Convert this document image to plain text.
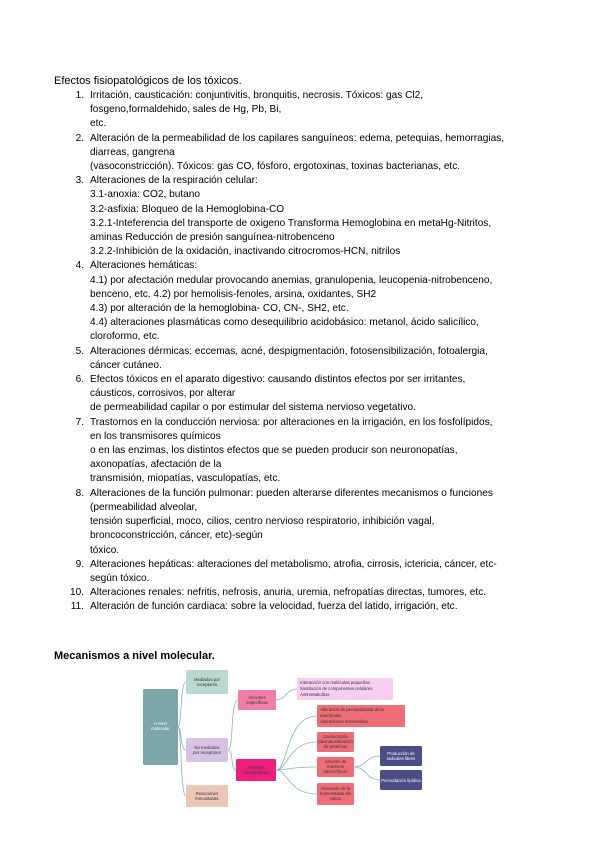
Efectos fisiopatológicos de los tóxicos.
1. Irritación, causticación: conjuntivitis, bronquitis, necrosis. Tóxicos: gas Cl2,
fosgeno,formaldehido, sales de Hg, Pb, Bi,
etc.
2. Alteración de la permeabilidad de los capilares sanguíneos: edema, petequias, hemorragias,
diarreas, gangrena
(vasoconstricción). Tóxicos: gas CO, fósforo, ergotoxinas, toxinas bacterianas, etc.
3. Alteraciones de la respiración celular:
3.1-anoxia: CO2, butano
3.2-asfixia: Bloqueo de la Hemoglobina-CO
3.2.1-Inteferencia del transporte de oxigeno Transforma Hemoglobina en metaHg-Nitritos,
aminas Reducción de presión sanguínea-nitrobenceno
3.2.2-Inhibición de la oxidación, inactivando citrocromos-HCN, nitrilos
4. Alteraciones hemáticas:
4.1) por afectación medular provocando anemias, granulopenia, leucopenia-nitrobenceno,
benceno, etc. 4.2) por hemolisis-fenoles, arsina, oxidantes, SH2
4.3) por alteración de la hemoglobina- CO, CN-, SH2, etc.
4.4) alteraciones plasmáticas como desequilibrio acidobásico: metanol, ácido salicílico,
cloroformo, etc.
5. Alteraciones dérmicas: eccemas, acné, despigmentación, fotosensibilización, fotoalergia,
cáncer cutáneo.
6. Efectos tóxicos en el aparato digestivo: causando distintos efectos por ser irritantes,
cáusticos, corrosivos, por alterar
de permeabilidad capilar o por estimular del sistema nervioso vegetativo.
7. Trastornos en la conducción nerviosa: por alteraciones en la irrigación, en los fosfolípidos,
en los transmisores químicos
o en las enzimas, los distintos efectos que se pueden producir son neuronopatías,
axonopatías, afectación de la
transmisión, miopatías, vasculopatías, etc.
8. Alteraciones de la función pulmonar: pueden alterarse diferentes mecanismos o funciones
(permeabilidad alveolar,
tensión superficial, moco, cilios, centro nervioso respiratorio, inhibición vagal,
broncoconstricción, cáncer, etc)-según
tóxico.
9. Alteraciones hepáticas: alteraciones del metabolismo, atrofia, cirrosis, ictericia, cáncer, etc-
según tóxico.
10. Alteraciones renales: nefritis, nefrosis, anuria, uremia, nefropatías directas, tumores, etc.
11. Alteración de función cardiaca: sobre la velocidad, fuerza del latido, irrigación, etc.
Mecanismos a nivel molecular.
A nivel
molecular
Mediados por
receptores
No mediados
por receptores
Reacciones
inmunitarias
Acciones
específicas
Acciones
inespecíficas
Interacción con moléculas pequeñas
Sustitución de componentes celulares
Antimetabolitos
Alteración de permeabilidad de la
membrana.
Alteraciones irreversibles
Causticación
(desnaturalización
de proteínas
Uniones de
reactivos
electrofílicos
Alteración de la
homeostasis del
calcio
Producción de
radicales libres
Peroxidación lipídica
